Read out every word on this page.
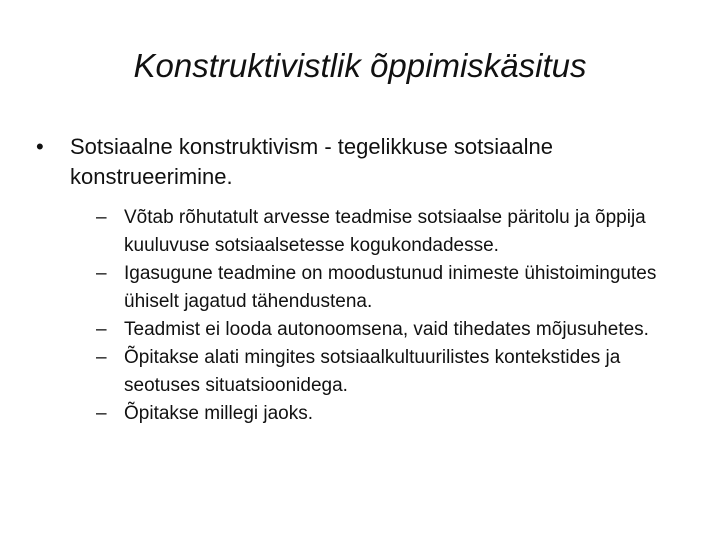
Konstruktivistlik õppimiskäsitus
•	Sotsiaalne konstruktivism - tegelikkuse sotsiaalne konstrueerimine.
– Võtab rõhutatult arvesse teadmise sotsiaalse päritolu ja õppija kuuluvuse sotsiaalsetesse kogukondadesse.
– Igasugune teadmine on moodustunud inimeste ühistoimingutes ühiselt jagatud tähendustena.
– Teadmist ei looda autonoomsena, vaid tihedates mõjusuhetes.
– Õpitakse alati mingites sotsiaalkultuurilistes kontekstides ja seotuses situatsioonidega.
– Õpitakse millegi jaoks.
